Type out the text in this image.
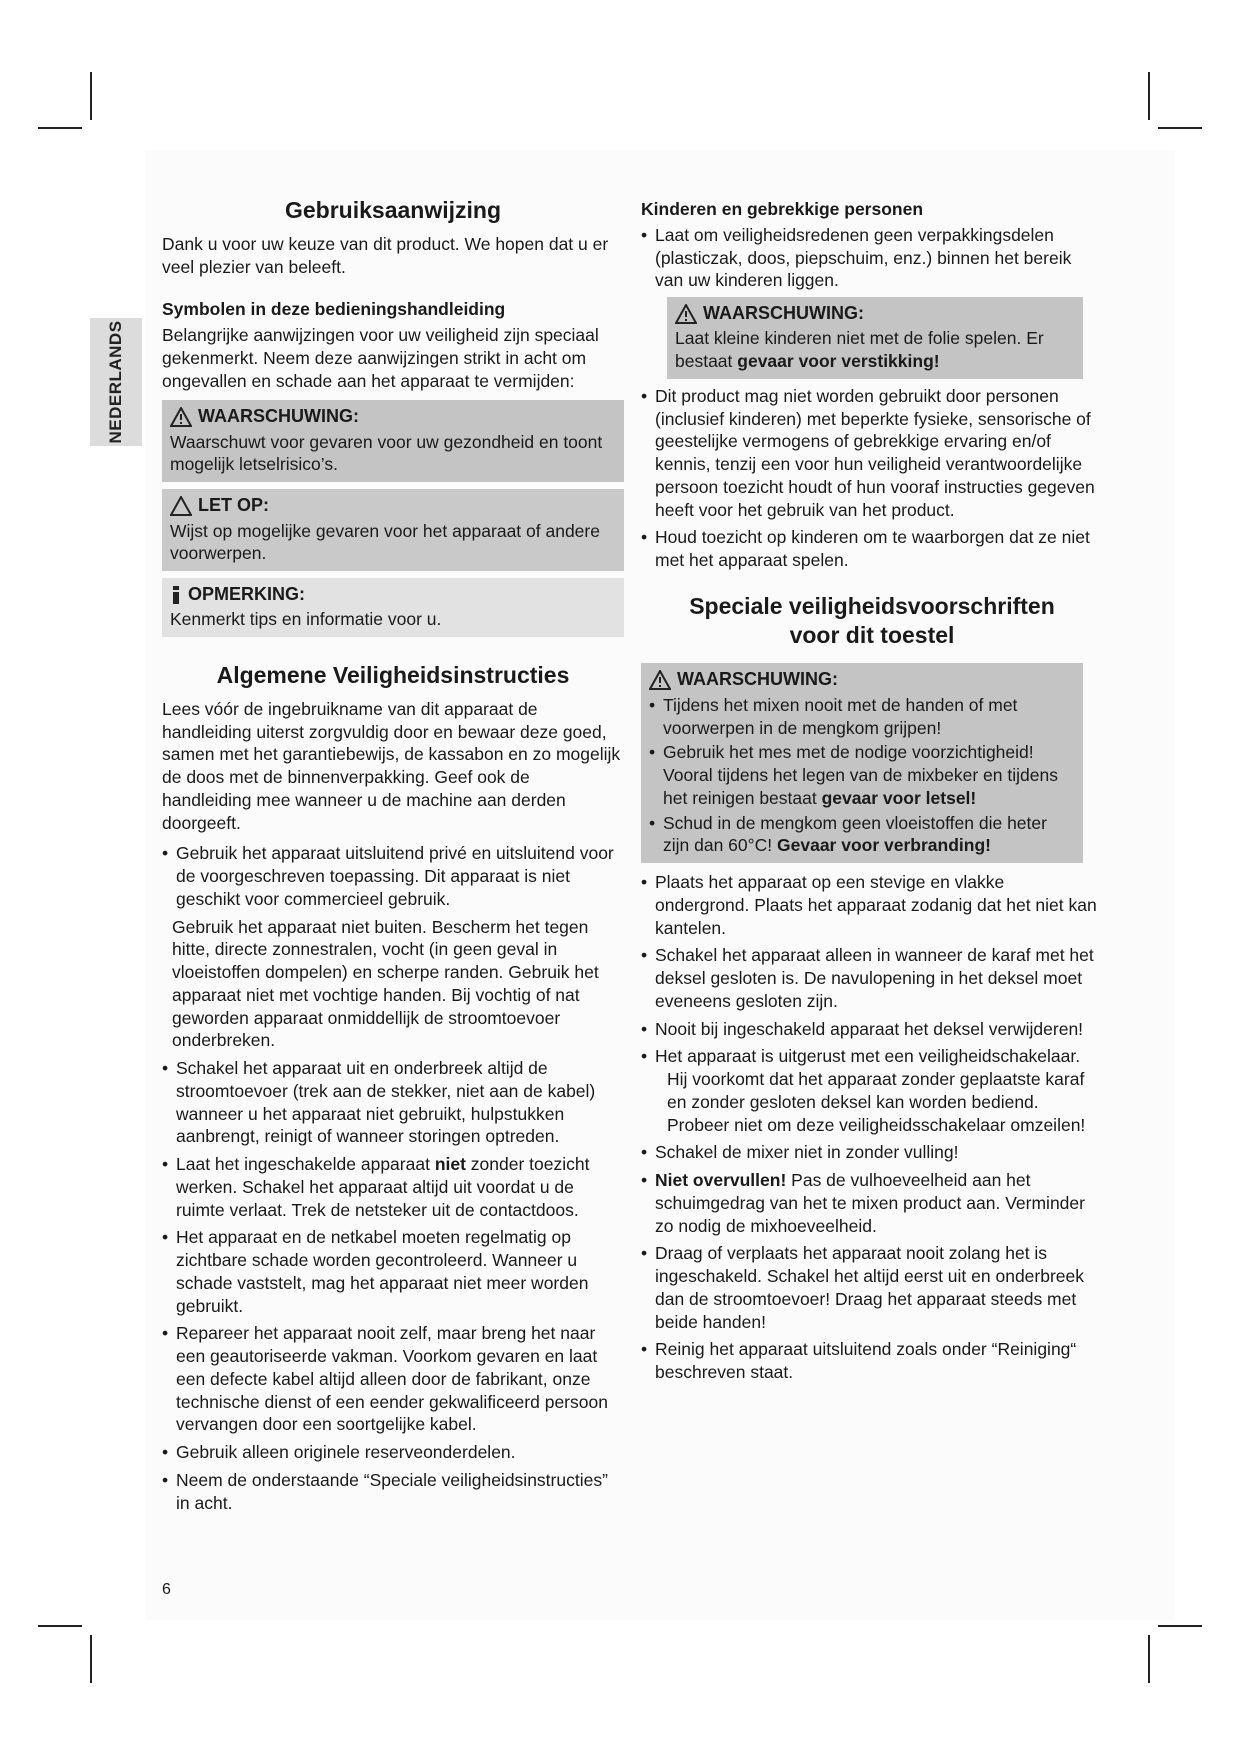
NEDERLANDS
Gebruiksaanwijzing

Dank u voor uw keuze van dit product. We hopen dat u er veel plezier van beleeft.

Symbolen in deze bedieningshandleiding

Belangrijke aanwijzingen voor uw veiligheid zijn speciaal gekenmerkt. Neem deze aanwijzingen strikt in acht om ongevallen en schade aan het apparaat te vermijden:

WAARSCHUWING:

Waarschuwt voor gevaren voor uw gezondheid en toont mogelijk letselrisico’s.

LET OP:

Wijst op mogelijke gevaren voor het apparaat of andere voorwerpen.

OPMERKING:

Kenmerkt tips en informatie voor u.

Algemene Veiligheidsinstructies

Lees vóór de ingebruikname van dit apparaat de handleiding uiterst zorgvuldig door en bewaar deze goed, samen met het garantiebewijs, de kassabon en zo mogelijk de doos met de binnenverpakking. Geef ook de handleiding mee wanneer u de machine aan derden doorgeeft.

• Gebruik het apparaat uitsluitend privé en uitsluitend voor de voorgeschreven toepassing. Dit apparaat is niet geschikt voor commercieel gebruik.
Gebruik het apparaat niet buiten. Bescherm het tegen hitte, directe zonnestralen, vocht (in geen geval in vloeistoffen dompelen) en scherpe randen. Gebruik het apparaat niet met vochtige handen. Bij vochtig of nat geworden apparaat onmiddellijk de stroomtoevoer onderbreken.
• Schakel het apparaat uit en onderbreek altijd de stroomtoevoer (trek aan de stekker, niet aan de kabel) wanneer u het apparaat niet gebruikt, hulpstukken aanbrengt, reinigt of wanneer storingen optreden.
• Laat het ingeschakelde apparaat niet zonder toezicht werken. Schakel het apparaat altijd uit voordat u de ruimte verlaat. Trek de netsteker uit de contactdoos.
• Het apparaat en de netkabel moeten regelmatig op zichtbare schade worden gecontroleerd. Wanneer u schade vaststelt, mag het apparaat niet meer worden gebruikt.
• Repareer het apparaat nooit zelf, maar breng het naar een geautoriseerde vakman. Voorkom gevaren en laat een defecte kabel altijd alleen door de fabrikant, onze technische dienst of een eender gekwalificeerd persoon vervangen door een soortgelijke kabel.
• Gebruik alleen originele reserveonderdelen.
• Neem de onderstaande “Speciale veiligheidsinstructies” in acht.
Kinderen en gebrekkige personen
• Laat om veiligheidsredenen geen verpakkingsdelen (plasticzak, doos, piepschuim, enz.) binnen het bereik van uw kinderen liggen.
WAARSCHUWING:

Laat kleine kinderen niet met de folie spelen. Er bestaat gevaar voor verstikking!

• Dit product mag niet worden gebruikt door personen (inclusief kinderen) met beperkte fysieke, sensorische of geestelijke vermogens of gebrekkige ervaring en/of kennis, tenzij een voor hun veiligheid verantwoordelijke persoon toezicht houdt of hun vooraf instructies gegeven heeft voor het gebruik van het product.
• Houd toezicht op kinderen om te waarborgen dat ze niet met het apparaat spelen.
Speciale veiligheidsvoorschriften
voor dit toestel
WAARSCHUWING:
• Tijdens het mixen nooit met de handen of met voorwerpen in de mengkom grijpen!
• Gebruik het mes met de nodige voorzichtigheid! Vooral tijdens het legen van de mixbeker en tijdens het reinigen bestaat gevaar voor letsel!
• Schud in de mengkom geen vloeistoffen die heter zijn dan 60°C! Gevaar voor verbranding!
• Plaats het apparaat op een stevige en vlakke ondergrond. Plaats het apparaat zodanig dat het niet kan kantelen.
• Schakel het apparaat alleen in wanneer de karaf met het deksel gesloten is. De navulopening in het deksel moet eveneens gesloten zijn.
• Nooit bij ingeschakeld apparaat het deksel verwijderen!
• Het apparaat is uitgerust met een veiligheidschakelaar.
Hij voorkomt dat het apparaat zonder geplaatste karaf en zonder gesloten deksel kan worden bediend. Probeer niet om deze veiligheidsschakelaar omzeilen!
• Schakel de mixer niet in zonder vulling!
• Niet overvullen! Pas de vulhoeveelheid aan het schuimgedrag van het te mixen product aan. Verminder zo nodig de mixhoeveelheid.
• Draag of verplaats het apparaat nooit zolang het is ingeschakeld. Schakel het altijd eerst uit en onderbreek dan de stroomtoevoer! Draag het apparaat steeds met beide handen!
• Reinig het apparaat uitsluitend zoals onder “Reiniging“ beschreven staat.
6
